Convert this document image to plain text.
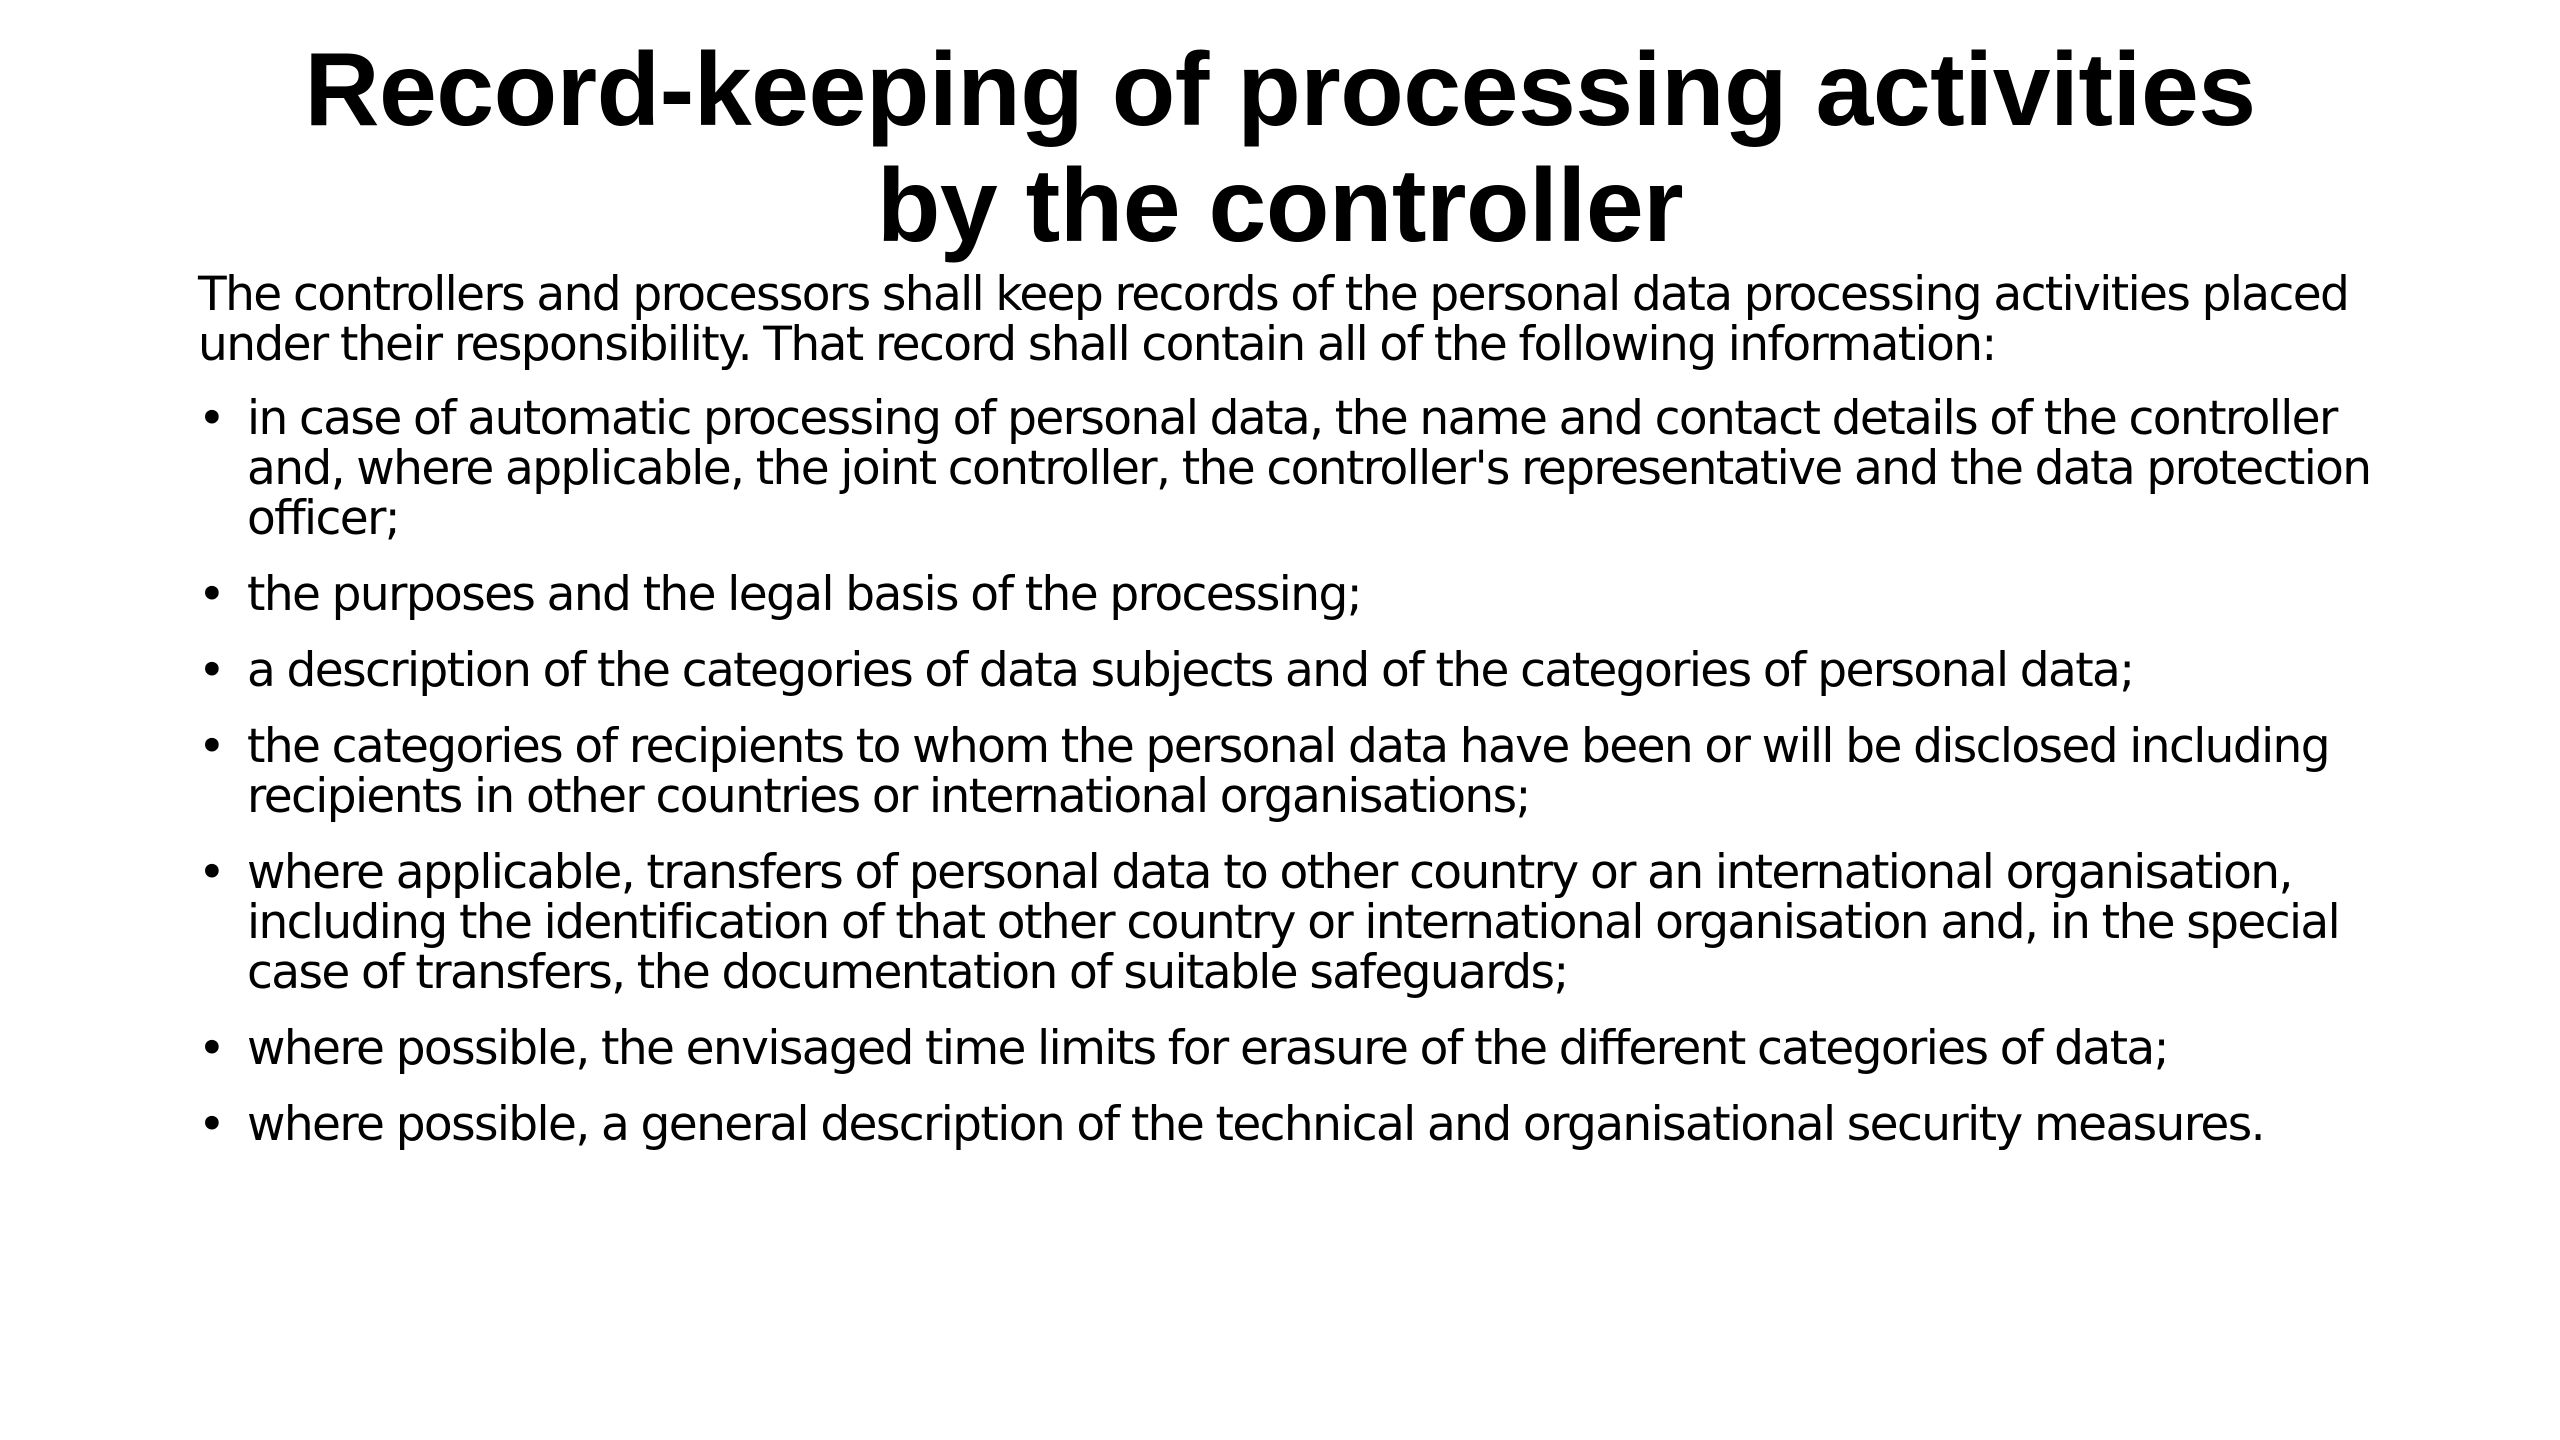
Record-keeping of processing activities
by the controller

The controllers and processors shall keep records of the personal data processing activities placed under their responsibility. That record shall contain all of the following information:

• in case of automatic processing of personal data, the name and contact details of the controller and, where applicable, the joint controller, the controller's representative and the data protection officer;
• the purposes and the legal basis of the processing;
• a description of the categories of data subjects and of the categories of personal data;
• the categories of recipients to whom the personal data have been or will be disclosed including recipients in other countries or international organisations;
• where applicable, transfers of personal data to other country or an international organisation, including the identification of that other country or international organisation and, in the special case of transfers, the documentation of suitable safeguards;
• where possible, the envisaged time limits for erasure of the different categories of data;
• where possible, a general description of the technical and organisational security measures.
